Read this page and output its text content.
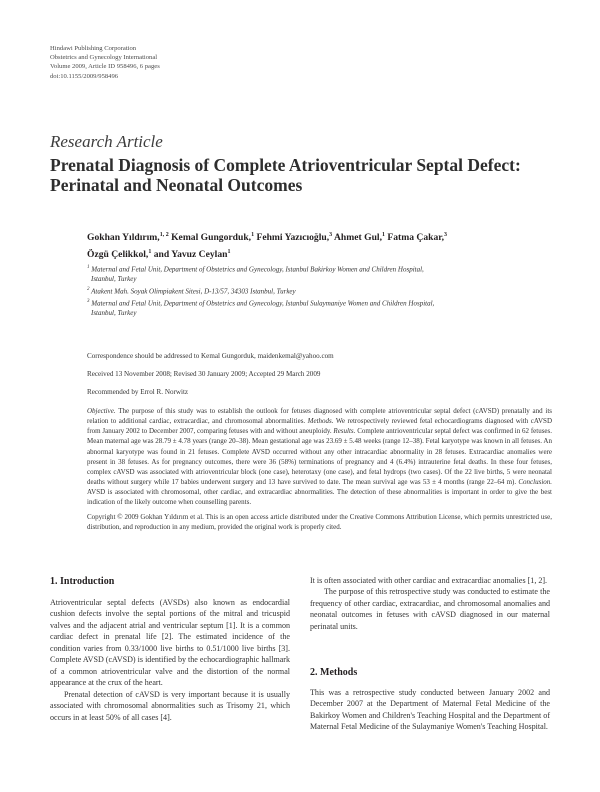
Hindawi Publishing Corporation
Obstetrics and Gynecology International
Volume 2009, Article ID 958496, 6 pages
doi:10.1155/2009/958496
Research Article
Prenatal Diagnosis of Complete Atrioventricular Septal Defect:
Perinatal and Neonatal Outcomes
Gokhan Yıldırım,$^{1, 2}$ Kemal Gungorduk,$^1$ Fehmi Yazıcıoğlu,$^3$ Ahmet Gul,$^1$ Fatma Çakar,$^3$
Özgü Çelikkol,$^1$ and Yavuz Ceylan$^1$
$^1$ Maternal and Fetal Unit, Department of Obstetrics and Gynecology, Istanbul Bakirkoy Women and Children Hospital,
Istanbul, Turkey
$^2$ Atakent Mah. Soyak Olimpiakent Sitesi, D-13/57, 34303 Istanbul, Turkey
$^3$ Maternal and Fetal Unit, Department of Obstetrics and Gynecology, Istanbul Sulaymaniye Women and Children Hospital,
Istanbul, Turkey
Correspondence should be addressed to Kemal Gungorduk, maidenkemal@yahoo.com
Received 13 November 2008; Revised 30 January 2009; Accepted 29 March 2009
Recommended by Errol R. Norwitz
Objective. The purpose of this study was to establish the outlook for fetuses diagnosed with complete atrioventricular septal defect (cAVSD) prenatally and its relation to additional cardiac, extracardiac, and chromosomal abnormalities. Methods. We retrospectively reviewed fetal echocardiograms diagnosed with cAVSD from January 2002 to December 2007, comparing fetuses with and without aneuploidy. Results. Complete antrioventricular septal defect was confirmed in 62 fetuses. Mean maternal age was 28.79 ± 4.78 years (range 20–38). Mean gestational age was 23.69 ± 5.48 weeks (range 12–38). Fetal karyotype was known in all fetuses. An abnormal karyotype was found in 21 fetuses. Complete AVSD occurred without any other intracardiac abnormality in 28 fetuses. Extracardiac anomalies were present in 38 fetuses. As for pregnancy outcomes, there were 36 (58%) terminations of pregnancy and 4 (6.4%) intrauterine fetal deaths. In these four fetuses, complex cAVSD was associated with atrioventricular block (one case), heterotaxy (one case), and fetal hydrops (two cases). Of the 22 live births, 5 were neonatal deaths without surgery while 17 babies underwent surgery and 13 have survived to date. The mean survival age was 53 ± 4 months (range 22–64 m). Conclusion. AVSD is associated with chromosomal, other cardiac, and extracardiac abnormalities. The detection of these abnormalities is important in order to give the best indication of the likely outcome when counselling parents.
Copyright © 2009 Gokhan Yıldırım et al. This is an open access article distributed under the Creative Commons Attribution License, which permits unrestricted use, distribution, and reproduction in any medium, provided the original work is properly cited.
1. Introduction

Atrioventricular septal defects (AVSDs) also known as endocardial cushion defects involve the septal portions of the mitral and tricuspid valves and the adjacent atrial and ventricular septum [1]. It is a common cardiac defect in prenatal life [2]. The estimated incidence of the condition varies from 0.33/1000 live births to 0.51/1000 live births [3]. Complete AVSD (cAVSD) is identified by the echocardiographic hallmark of a common atrioventricular valve and the distortion of the normal appearance at the crux of the heart.

Prenatal detection of cAVSD is very important because it is usually associated with chromosomal abnormalities such as Trisomy 21, which occurs in at least 50% of all cases [4].

It is often associated with other cardiac and extracardiac anomalies [1, 2].

The purpose of this retrospective study was conducted to estimate the frequency of other cardiac, extracardiac, and chromosomal anomalies and neonatal outcomes in fetuses with cAVSD diagnosed in our maternal perinatal units.

2. Methods

This was a retrospective study conducted between January 2002 and December 2007 at the Department of Maternal Fetal Medicine of the Bakirkoy Women and Children's Teaching Hospital and the Department of Maternal Fetal Medicine of the Sulaymaniye Women's Teaching Hospital.
